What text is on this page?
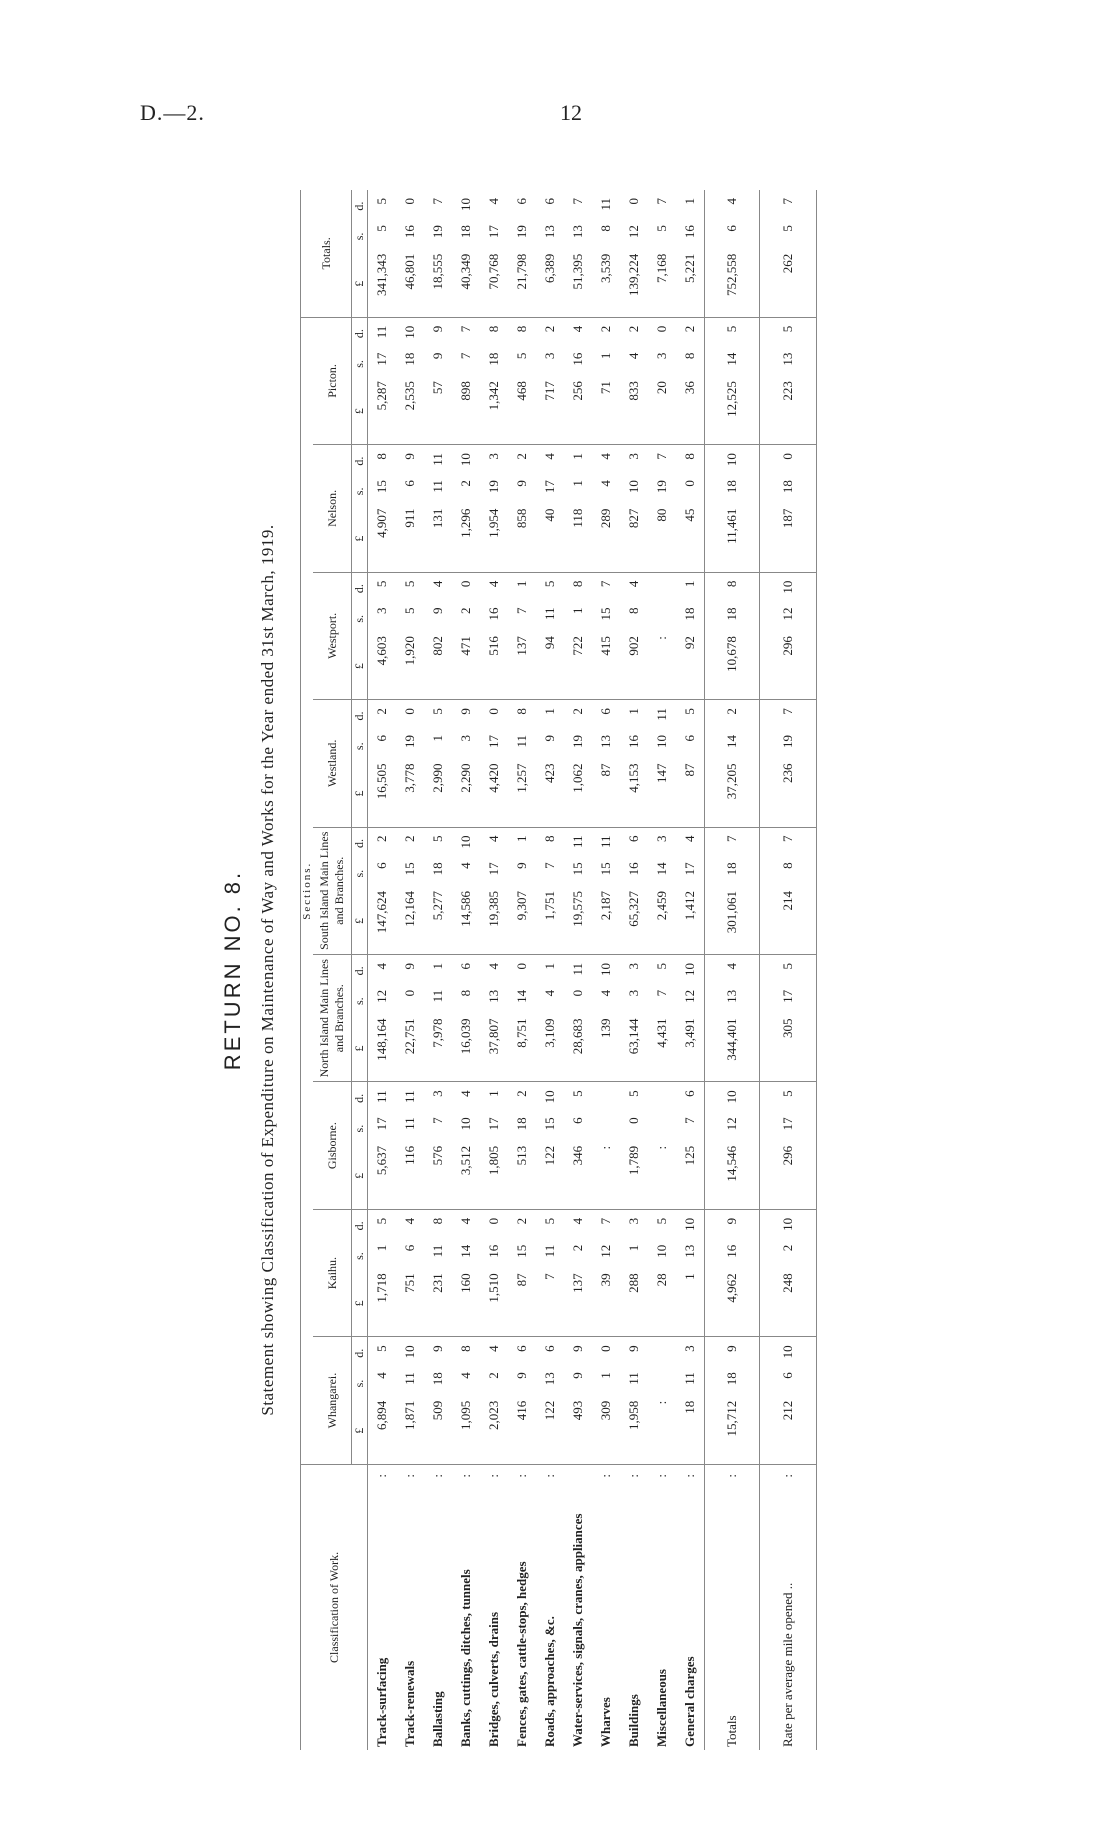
D.—2.	12
RETURN NO. 8. Statement showing Classification of Expenditure on Maintenance of Way and Works for the Year ended 31st March, 1919.
Classification of Work.		Sections.																											Totals.		
		Whangarei.			Kaihu.			Gisborne.			North Island Main Lines and Branches.			South Island Main Lines and Branches.			Westland.			Westport.			Nelson.			Picton.					
		£	s.	d.	£	s.	d.	£	s.	d.	£	s.	d.	£	s.	d.	£	s.	d.	£	s.	d.	£	s.	d.	£	s.	d.	£	s.	d.
Track-surfacing	:	6,894	4	5	1,718	1	5	5,637	17	11	148,164	12	4	147,624	6	2	16,505	6	2	4,603	3	5	4,907	15	8	5,287	17	11	341,343	5	5
Track-renewals	:	1,871	11	10	751	6	4	116	11	11	22,751	0	9	12,164	15	2	3,778	19	0	1,920	5	5	911	6	9	2,535	18	10	46,801	16	0
Ballasting	:	509	18	9	231	11	8	576	7	3	7,978	11	1	5,277	18	5	2,990	1	5	802	9	4	131	11	11	57	9	9	18,555	19	7
Banks, cuttings, ditches, tunnels	:	1,095	4	8	160	14	4	3,512	10	4	16,039	8	6	14,586	4	10	2,290	3	9	471	2	0	1,296	2	10	898	7	7	40,349	18	10
Bridges, culverts, drains	:	2,023	2	4	1,510	16	0	1,805	17	1	37,807	13	4	19,385	17	4	4,420	17	0	516	16	4	1,954	19	3	1,342	18	8	70,768	17	4
Fences, gates, cattle-stops, hedges	:	416	9	6	87	15	2	513	18	2	8,751	14	0	9,307	9	1	1,257	11	8	137	7	1	858	9	2	468	5	8	21,798	19	6
Roads, approaches, &c.	:	122	13	6	7	11	5	122	15	10	3,109	4	1	1,751	7	8	423	9	1	94	11	5	40	17	4	717	3	2	6,389	13	6
Water-services, signals, cranes, appliances		493	9	9	137	2	4	346	6	5	28,683	0	11	19,575	15	11	1,062	19	2	722	1	8	118	1	1	256	16	4	51,395	13	7
Wharves	:	309	1	0	39	12	7	:			139	4	10	2,187	15	11	87	13	6	415	15	7	289	4	4	71	1	2	3,539	8	11
Buildings	:	1,958	11	9	288	1	3	1,789	0	5	63,144	3	3	65,327	16	6	4,153	16	1	902	8	4	827	10	3	833	4	2	139,224	12	0
Miscellaneous	:	:			28	10	5	:			4,431	7	5	2,459	14	3	147	10	11	:			80	19	7	20	3	0	7,168	5	7
General charges	:	18	11	3	1	13	10	125	7	6	3,491	12	10	1,412	17	4	87	6	5	92	18	1	45	0	8	36	8	2	5,221	16	1
Totals	:	15,712	18	9	4,962	16	9	14,546	12	10	344,401	13	4	301,061	18	7	37,205	14	2	10,678	18	8	11,461	18	10	12,525	14	5	752,558	6	4
Rate per average mile opened ..	:	212	6	10	248	2	10	296	17	5	305	17	5	214	8	7	236	19	7	296	12	10	187	18	0	223	13	5	262	5	7
